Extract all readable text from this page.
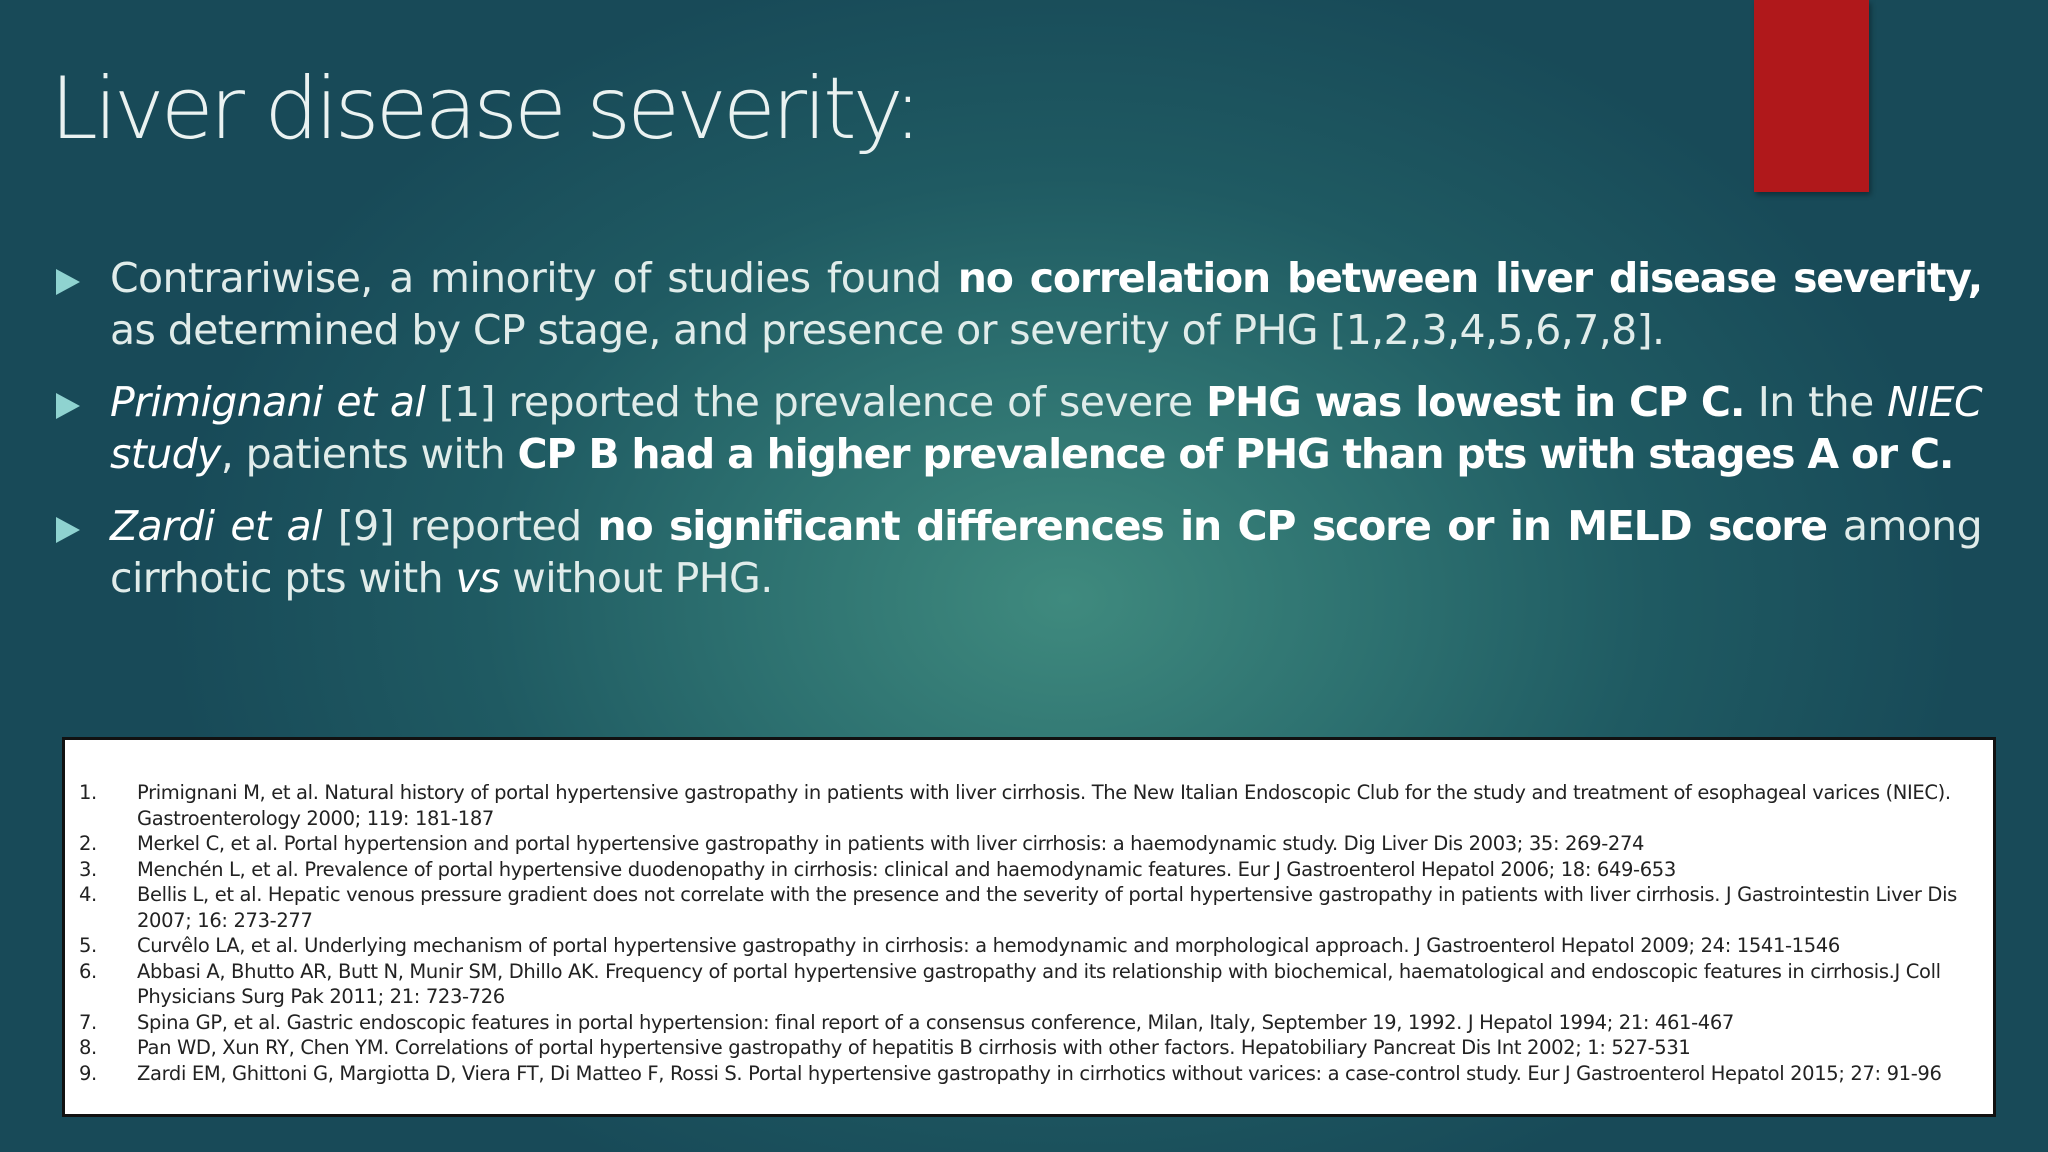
Liver disease severity:
Contrariwise, a minority of studies found no correlation between liver disease severity, as determined by CP stage, and presence or severity of PHG [1,2,3,4,5,6,7,8].
Primignani et al [1] reported the prevalence of severe PHG was lowest in CP C. In the NIEC study, patients with CP B had a higher prevalence of PHG than pts with stages A or C.
Zardi et al [9] reported no significant differences in CP score or in MELD score among cirrhotic pts with vs without PHG.
1.	Primignani M, et al. Natural history of portal hypertensive gastropathy in patients with liver cirrhosis. The New Italian Endoscopic Club for the study and treatment of esophageal varices (NIEC). Gastroenterology 2000; 119: 181-187
2.	Merkel C, et al. Portal hypertension and portal hypertensive gastropathy in patients with liver cirrhosis: a haemodynamic study. Dig Liver Dis 2003; 35: 269-274
3.	Menchén L, et al. Prevalence of portal hypertensive duodenopathy in cirrhosis: clinical and haemodynamic features. Eur J Gastroenterol Hepatol 2006; 18: 649-653
4.	Bellis L, et al. Hepatic venous pressure gradient does not correlate with the presence and the severity of portal hypertensive gastropathy in patients with liver cirrhosis. J Gastrointestin Liver Dis 2007; 16: 273-277
5.	Curvêlo LA, et al. Underlying mechanism of portal hypertensive gastropathy in cirrhosis: a hemodynamic and morphological approach. J Gastroenterol Hepatol 2009; 24: 1541-1546
6.	Abbasi A, Bhutto AR, Butt N, Munir SM, Dhillo AK. Frequency of portal hypertensive gastropathy and its relationship with biochemical, haematological and endoscopic features in cirrhosis.J Coll Physicians Surg Pak 2011; 21: 723-726
7.	Spina GP, et al. Gastric endoscopic features in portal hypertension: final report of a consensus conference, Milan, Italy, September 19, 1992. J Hepatol 1994; 21: 461-467
8.	Pan WD, Xun RY, Chen YM. Correlations of portal hypertensive gastropathy of hepatitis B cirrhosis with other factors. Hepatobiliary Pancreat Dis Int 2002; 1: 527-531
9.	Zardi EM, Ghittoni G, Margiotta D, Viera FT, Di Matteo F, Rossi S. Portal hypertensive gastropathy in cirrhotics without varices: a case-control study. Eur J Gastroenterol Hepatol 2015; 27: 91-96
